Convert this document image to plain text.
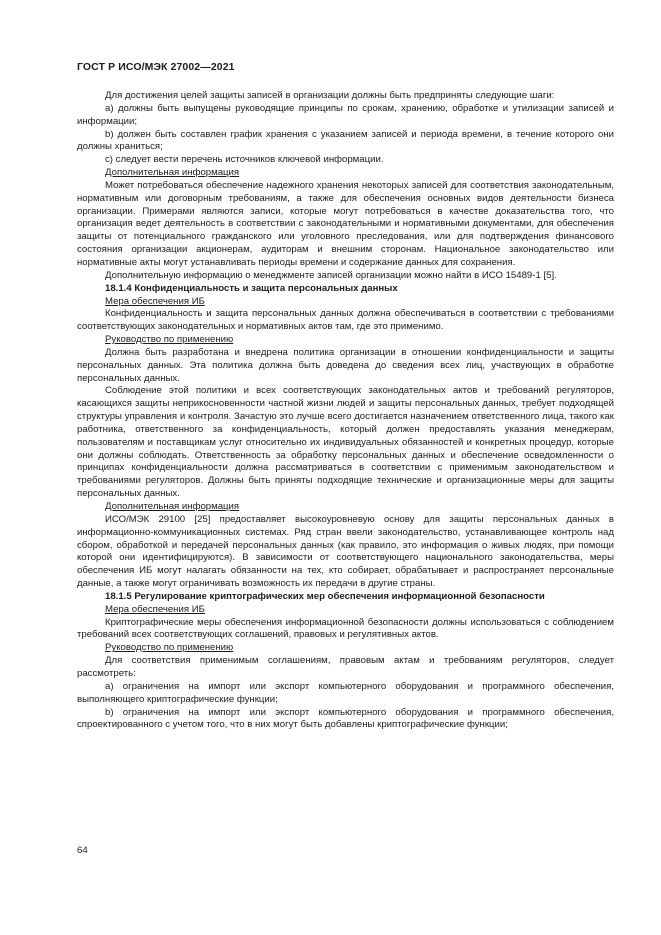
ГОСТ Р ИСО/МЭК 27002—2021

Для достижения целей защиты записей в организации должны быть предприняты следующие шаги:

a) должны быть выпущены руководящие принципы по срокам, хранению, обработке и утилизации записей и информации;

b) должен быть составлен график хранения с указанием записей и периода времени, в течение которого они должны храниться;

c) следует вести перечень источников ключевой информации.

Дополнительная информация

Может потребоваться обеспечение надежного хранения некоторых записей для соответствия законодательным, нормативным или договорным требованиям, а также для обеспечения основных видов деятельности бизнеса организации. Примерами являются записи, которые могут потребоваться в качестве доказательства того, что организация ведет деятельность в соответствии с законодательными и нормативными документами, для обеспечения защиты от потенциального гражданского или уголовного преследования, или для подтверждения финансового состояния организации акционерам, аудиторам и внешним сторонам. Национальное законодательство или нормативные акты могут устанавливать периоды времени и содержание данных для сохранения.

Дополнительную информацию о менеджменте записей организации можно найти в ИСО 15489-1 [5].

18.1.4 Конфиденциальность и защита персональных данных

Мера обеспечения ИБ

Конфиденциальность и защита персональных данных должна обеспечиваться в соответствии с требованиями соответствующих законодательных и нормативных актов там, где это применимо.

Руководство по применению

Должна быть разработана и внедрена политика организации в отношении конфиденциальности и защиты персональных данных. Эта политика должна быть доведена до сведения всех лиц, участвующих в обработке персональных данных.

Соблюдение этой политики и всех соответствующих законодательных актов и требований регуляторов, касающихся защиты неприкосновенности частной жизни людей и защиты персональных данных, требует подходящей структуры управления и контроля. Зачастую это лучше всего достигается назначением ответственного лица, такого как работника, ответственного за конфиденциальность, который должен предоставлять указания менеджерам, пользователям и поставщикам услуг относительно их индивидуальных обязанностей и конкретных процедур, которые они должны соблюдать. Ответственность за обработку персональных данных и обеспечение осведомленности о принципах конфиденциальности должна рассматриваться в соответствии с применимым законодательством и требованиями регуляторов. Должны быть приняты подходящие технические и организационные меры для защиты персональных данных.

Дополнительная информация

ИСО/МЭК 29100 [25] предоставляет высокоуровневую основу для защиты персональных данных в информационно-коммуникационных системах. Ряд стран ввели законодательство, устанавливающее контроль над сбором, обработкой и передачей персональных данных (как правило, это информация о живых людях, при помощи которой они идентифицируются). В зависимости от соответствующего национального законодательства, меры обеспечения ИБ могут налагать обязанности на тех, кто собирает, обрабатывает и распространяет персональные данные, а также могут ограничивать возможность их передачи в другие страны.

18.1.5 Регулирование криптографических мер обеспечения информационной безопасности

Мера обеспечения ИБ

Криптографические меры обеспечения информационной безопасности должны использоваться с соблюдением требований всех соответствующих соглашений, правовых и регулятивных актов.

Руководство по применению

Для соответствия применимым соглашениям, правовым актам и требованиям регуляторов, следует рассмотреть:

a) ограничения на импорт или экспорт компьютерного оборудования и программного обеспечения, выполняющего криптографические функции;

b) ограничения на импорт или экспорт компьютерного оборудования и программного обеспечения, спроектированного с учетом того, что в них могут быть добавлены криптографические функции;

64
